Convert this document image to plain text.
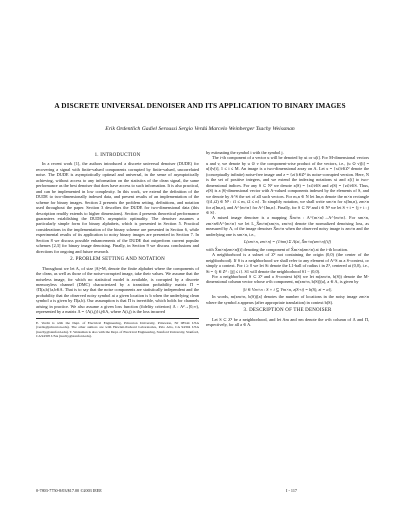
A DISCRETE UNIVERSAL DENOISER AND ITS APPLICATION TO BINARY IMAGES
Erik Ordentlich Gadiel Seroussi Sergio Verdú Marcelo Weinberger Tsachy Weissman
1. INTRODUCTION

In a recent work [1], the authors introduced a discrete universal denoiser (DUDE) for recovering a signal with finite-valued components corrupted by finite-valued, uncorrelated noise. The DUDE is asymptotically optimal and universal, in the sense of asymptotically achieving, without access to any information on the statistics of the clean signal, the same performance as the best denoiser that does have access to such information. It is also practical, and can be implemented in low complexity. In this work, we extend the definition of the DUDE to two-dimensionally indexed data, and present results of an implementation of the scheme for binary images. Section 2 presents the problem setting, definitions, and notation used throughout the paper. Section 3 describes the DUDE for two-dimensional data (this description readily extends to higher dimensions). Section 4 presents theoretical performance guarantees establishing the DUDE's asymptotic optimality. The denoiser assumes a particularly simple form for binary alphabets, which is presented in Section 5. Practical considerations in the implementation of the binary scheme are presented in Section 6, while experimental results of its application to noisy binary images are presented in Section 7. In Section 8 we discuss possible enhancements of the DUDE that outperform current popular schemes [2,3] for binary image denoising. Finally, in Section 9 we discuss conclusions and directions for ongoing and future research.

2. PROBLEM SETTING AND NOTATION

Throughout we let A, of size |A|=M, denote the finite alphabet where the components of the clean, as well as those of the noise-corrupted image, take their values. We assume that the noiseless image, for which no statistical model is available, is corrupted by a discrete memoryless channel (DMC) characterized by a transition probability matrix Π = {Π(a,b)}a,b∈A. That is to say that the noise components are statistically independent and the probability that the observed noisy symbol at a given location is b when the underlying clean symbol a is given by Π(a,b). Our assumption is that Π is invertible, which holds for channels arising in practice. We also assume a given loss function (fidelity criterion) Λ : A²→[0,∞), represented by a matrix Λ = {Λ(i,j)}i,j∈A, where Λ(i,j) is the loss incurred

E. Verdú is with the Dept. of Electrical Engineering, Princeton University, Princeton, NJ 08544 USA (verdu@princeton.edu). The other authors are with Hewlett-Packard Laboratories, Palo Alto, CA 94304 USA (tsachy@stanford.edu). T. Weissman is also with the Dept. of Electrical Engineering, Stanford University, Stanford, CA 94305 USA (tsachy@stanford.edu).

by estimating the symbol i with the symbol j.

The i-th component of a vector u will be denoted by ui or u[i]. For M-dimensional vectors u and v, we denote by u ⊙ v the component-wise product of the vectors, i.e., (u ⊙ v)[i] = u[i]v[i], 1 ≤ i ≤ M. An image is a two-dimensional array on A. Let x = {xi}i∈Z² denote the (conceptually infinite) noise-free image and z = {zi}i∈Z² its noise-corrupted version. Here, N is the set of positive integers, and we extend the indexing notations xi and x[i] to two-dimensional indices. For any S ⊂ N² we denote x(S) = {xi}i∈S and z(S) = {zi}i∈S. Thus, z(S) is a |S|-dimensional vector with A-valued components indexed by the elements of S, and we denote by A^S the set of all such vectors. For m,n ∈ N let Im,n denote the m×n rectangle {(i1,i2) ∈ N² : i1 ≤ m, i2 ≤ n}. To simplify notation, we shall write xm×n for x(Im,n), zm×n for z(Im,n), and A^{m×n} for A^{Im,n}. Finally, for S ⊂ N² and i ∈ N² we let S + i = {j + i : j ∈ S}.

A mixed image denoiser is a mapping X̂m×n : A^{m×n}→A^{m×n}. For xm×n, zm×n∈A^{m×n} we let L_X̂m×n(xm×n, zm×n) denote the normalized denoising loss, as measured by Λ, of the image denoiser X̂m×n when the observed noisy image is zm×n and the underlying one is xm×n, i.e.,

L(xm×n, zm×n) = (1/mn) Σ Λ(xi, X̂m×n(zm×n)[i])

with X̂m×n(zm×n)[i] denoting the component of X̂m×n(zm×n) at the i-th location.

A neighborhood is a subset of Z² not containing the origin (0,0) (the center of the neighborhood). If S is a neighborhood we shall refer to any element of A^S as a S-context, or simply a context. For i ≥ 0 we let Si denote the L1-ball of radius i in Z², centered at (0,0), i.e., Si = {j ∈ Z² : ||j|| ≤ i}. S1 will denote the neighborhood S1 − (0,0).

For a neighborhood S ⊂ Z² and a S-context b(S) we let m(zm×n, b(S)) denote the M-dimensional column vector whose a-th component, m(zm×n, b(S))[a], a ∈ A, is given by

|{i ∈ Vm×n : S + i ⊆ Vm×n, z(S+i) = b(S), zi = a}|.

In words, m(zm×n, b(S))[a] denotes the number of locations in the noisy image zm×n where the symbol a appears (after appropriate translation) in context b(S).

3. DESCRIPTION OF THE DENOISER

Let S ⊂ Z² be a neighborhood, and let Am and πm denote the a-th column of Λ and Π, respectively, for all a ∈ A.

0-7803-7750-8/03/$17.00 ©2003 IEEE	I - 117
